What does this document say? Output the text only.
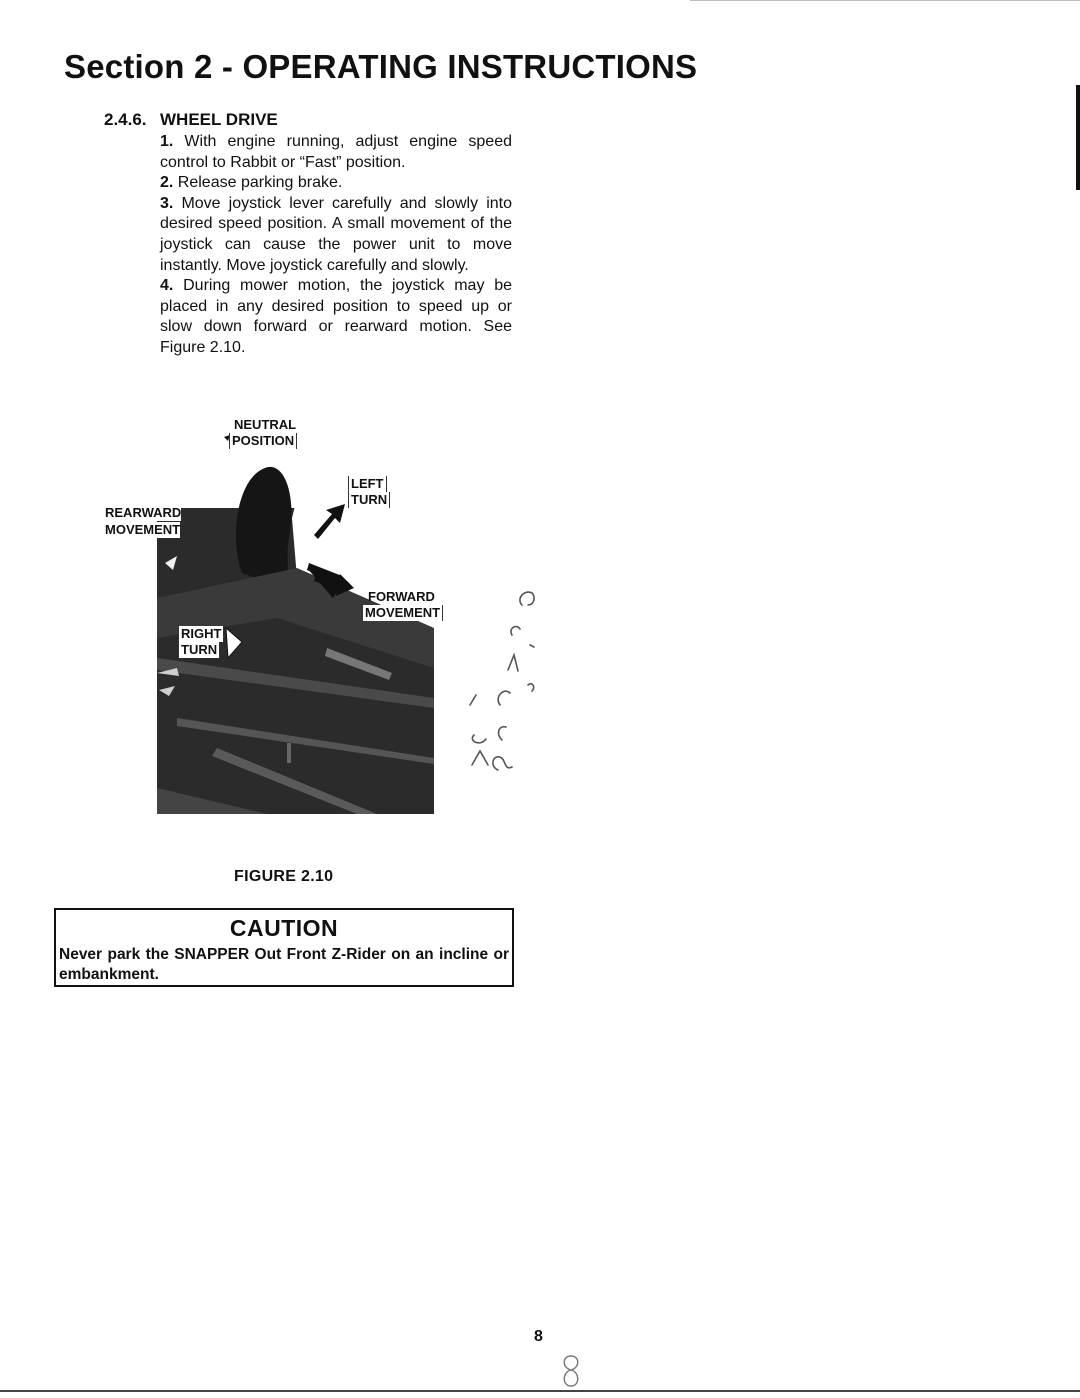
Section 2 - OPERATING INSTRUCTIONS
2.4.6. WHEEL DRIVE

1. With engine running, adjust engine speed control to Rabbit or “Fast” position.

2. Release parking brake.

3. Move joystick lever carefully and slowly into desired speed position. A small movement of the joystick can cause the power unit to move instantly. Move joystick carefully and slowly.

4. During mower motion, the joystick may be placed in any desired position to speed up or slow down forward or rearward motion. See Figure 2.10.

NEUTRAL
POSITION
LEFT
TURN
REARWARD
MOVEMENT
FORWARD
MOVEMENT
RIGHT
TURN
FIGURE 2.10
CAUTION
Never park the SNAPPER Out Front Z-Rider on an incline or embankment.
8
